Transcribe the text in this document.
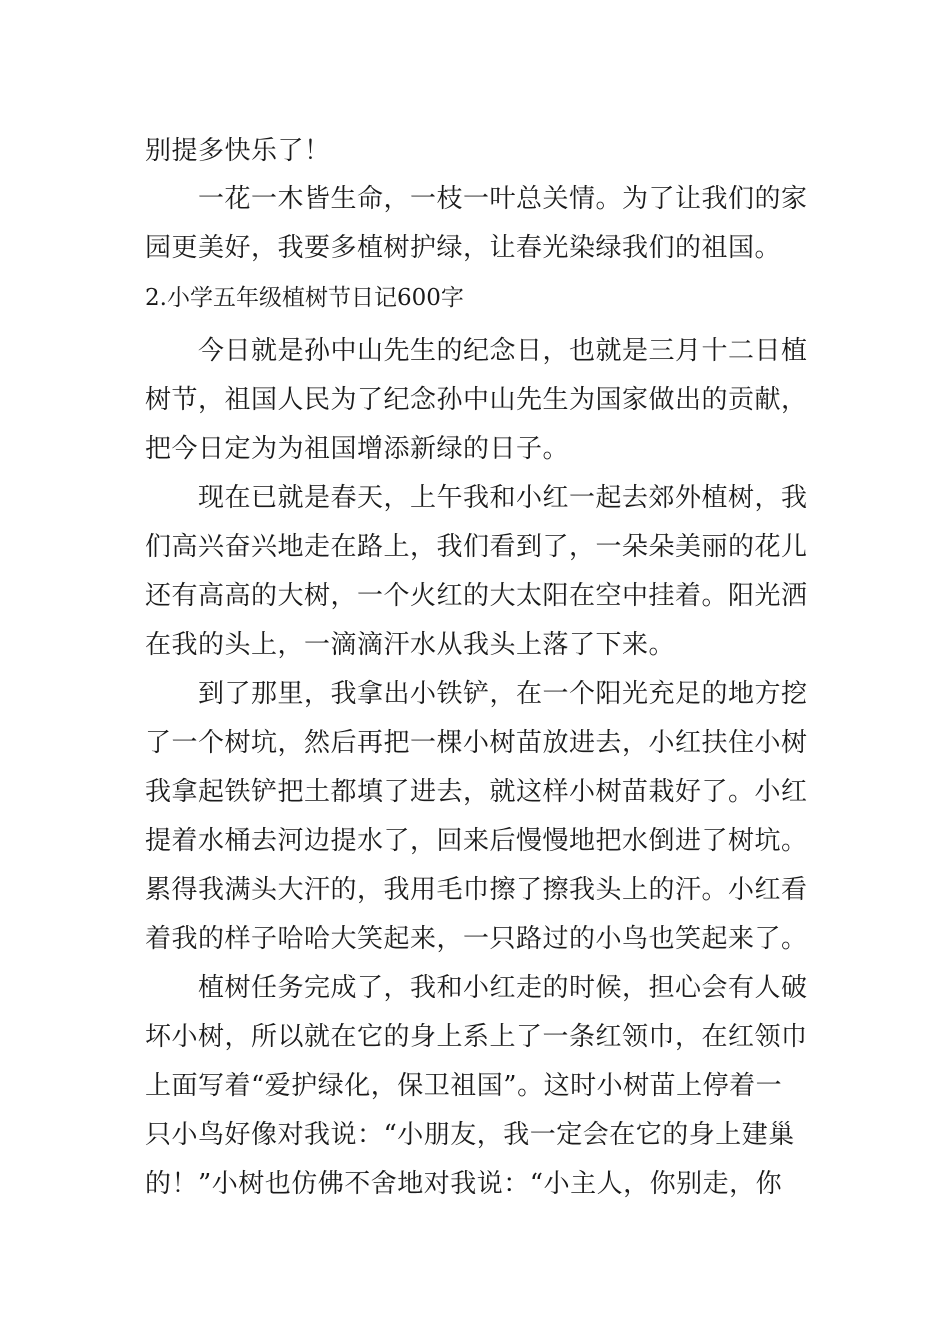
别提多快乐了！
一花一木皆生命，一枝一叶总关情。为了让我们的家
园更美好，我要多植树护绿，让春光染绿我们的祖国。
2.小学五年级植树节日记600字
今日就是孙中山先生的纪念日，也就是三月十二日植
树节，祖国人民为了纪念孙中山先生为国家做出的贡献，
把今日定为为祖国增添新绿的日子。
现在已就是春天，上午我和小红一起去郊外植树，我
们高兴奋兴地走在路上，我们看到了，一朵朵美丽的花儿
还有高高的大树，一个火红的大太阳在空中挂着。阳光洒
在我的头上，一滴滴汗水从我头上落了下来。
到了那里，我拿出小铁铲，在一个阳光充足的地方挖
了一个树坑，然后再把一棵小树苗放进去，小红扶住小树
我拿起铁铲把土都填了进去，就这样小树苗栽好了。小红
提着水桶去河边提水了，回来后慢慢地把水倒进了树坑。
累得我满头大汗的，我用毛巾擦了擦我头上的汗。小红看
着我的样子哈哈大笑起来，一只路过的小鸟也笑起来了。
植树任务完成了，我和小红走的时候，担心会有人破
坏小树，所以就在它的身上系上了一条红领巾，在红领巾
上面写着“爱护绿化，保卫祖国”。这时小树苗上停着一
只小鸟好像对我说：“小朋友，我一定会在它的身上建巢
的！”小树也仿佛不舍地对我说：“小主人，你别走，你
